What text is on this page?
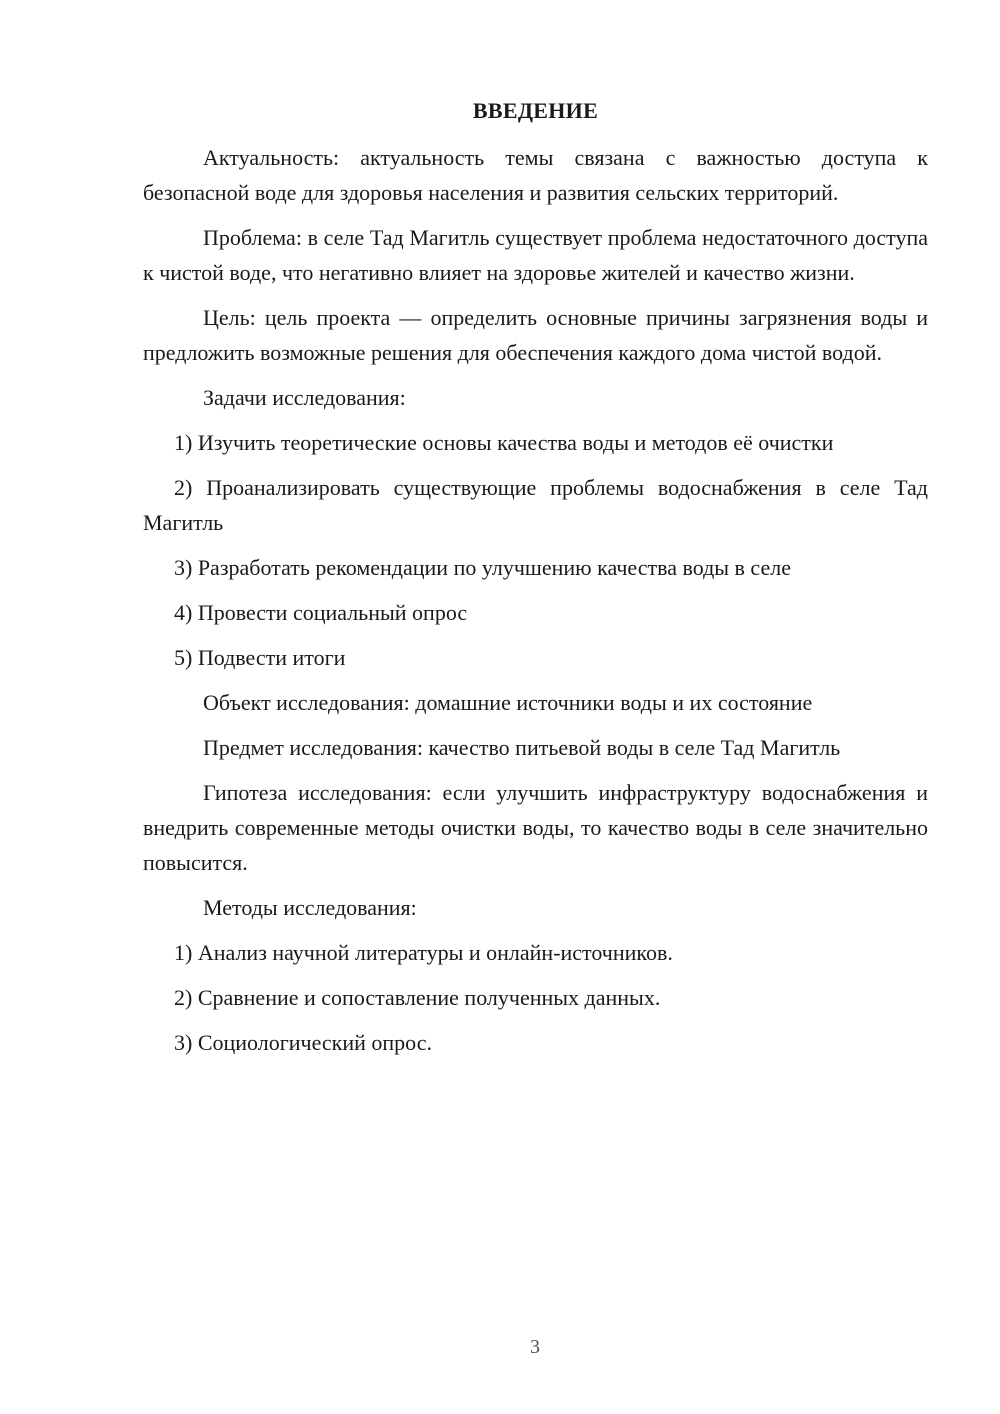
ВВЕДЕНИЕ

Актуальность: актуальность темы связана с важностью доступа к безопасной воде для здоровья населения и развития сельских территорий.

Проблема: в селе Тад Магитль существует проблема недостаточного доступа к чистой воде, что негативно влияет на здоровье жителей и качество жизни.

Цель: цель проекта — определить основные причины загрязнения воды и предложить возможные решения для обеспечения каждого дома чистой водой.

Задачи исследования:

1) Изучить теоретические основы качества воды и методов её очистки

2) Проанализировать существующие проблемы водоснабжения в селе Тад Магитль

3) Разработать рекомендации по улучшению качества воды в селе

4) Провести социальный опрос

5) Подвести итоги

Объект исследования: домашние источники воды и их состояние

Предмет исследования: качество питьевой воды в селе Тад Магитль

Гипотеза исследования: если улучшить инфраструктуру водоснабжения и внедрить современные методы очистки воды, то качество воды в селе значительно повысится.

Методы исследования:

1) Анализ научной литературы и онлайн-источников.

2) Сравнение и сопоставление полученных данных.

3) Социологический опрос.

3
